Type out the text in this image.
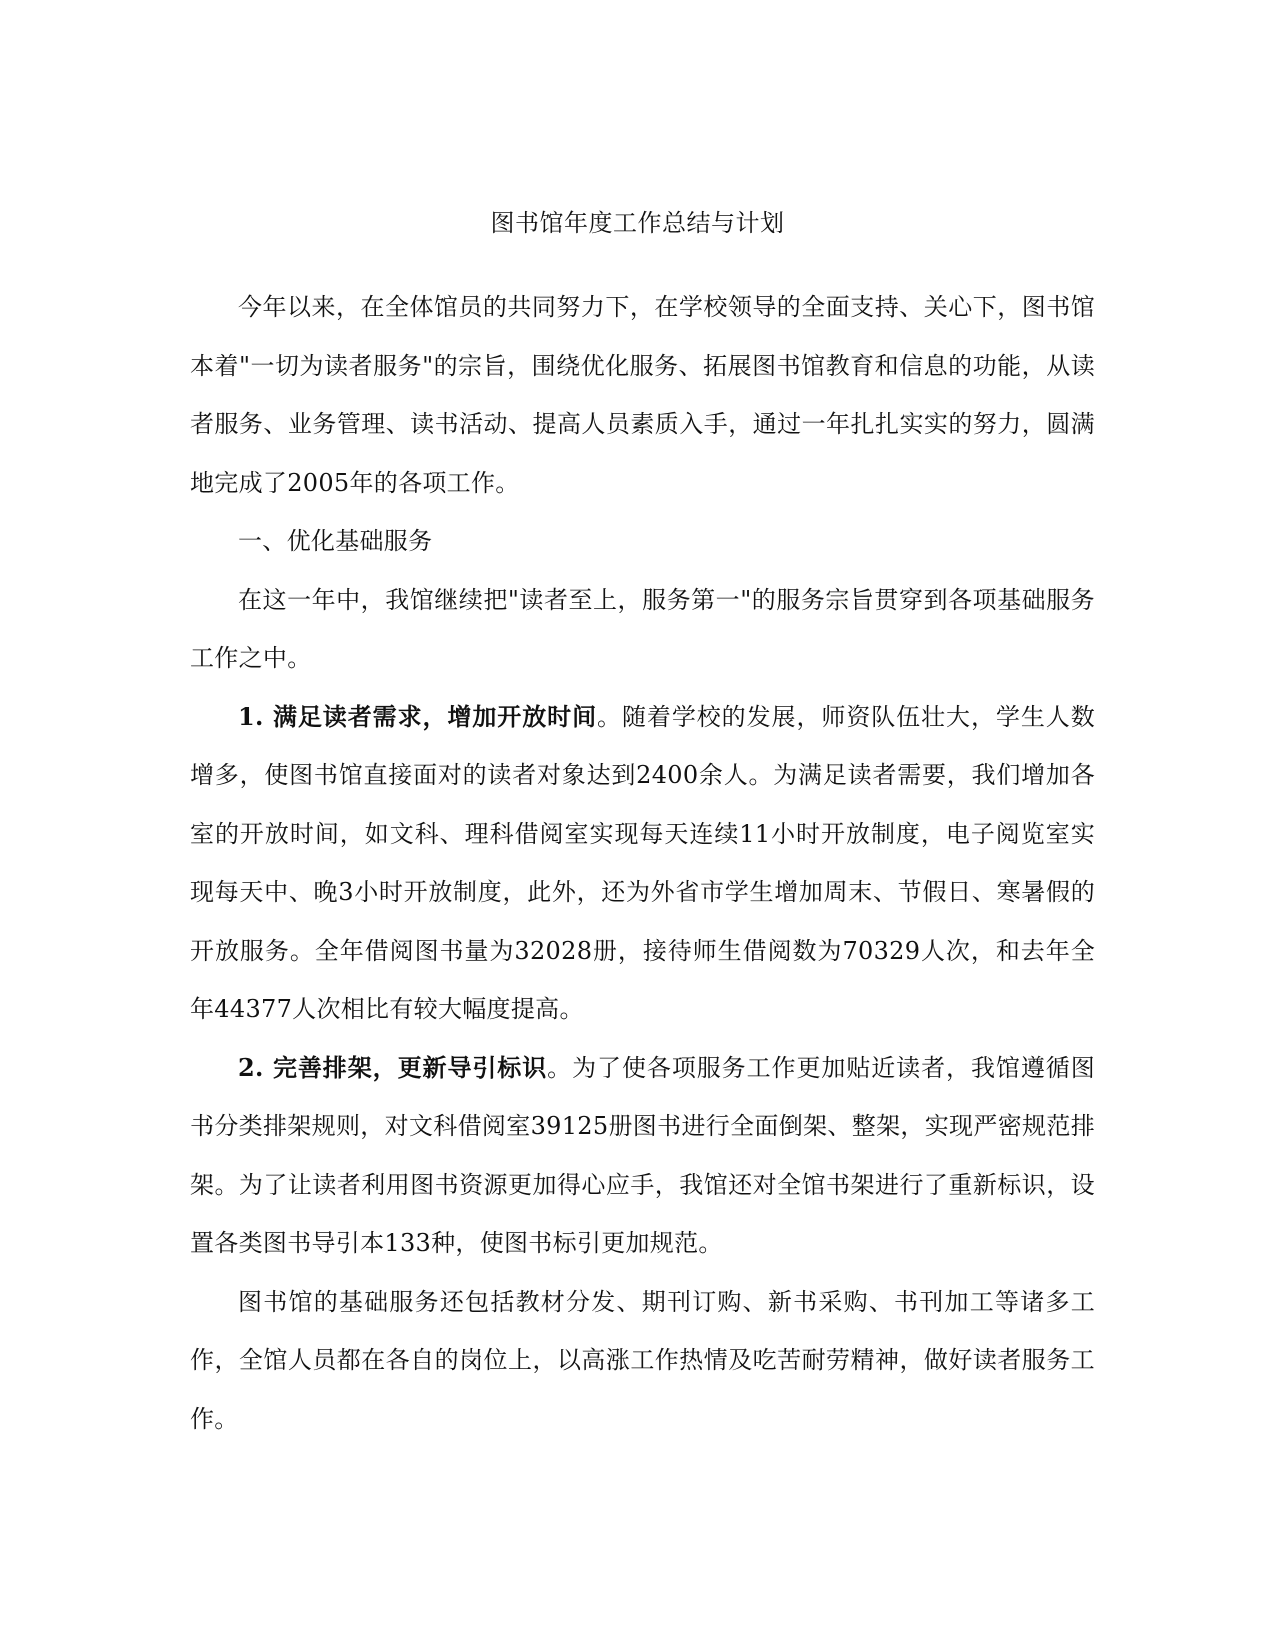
图书馆年度工作总结与计划

今年以来，在全体馆员的共同努力下，在学校领导的全面支持、关心下，图书馆本着"一切为读者服务"的宗旨，围绕优化服务、拓展图书馆教育和信息的功能，从读者服务、业务管理、读书活动、提高人员素质入手，通过一年扎扎实实的努力，圆满地完成了2005年的各项工作。

一、优化基础服务

在这一年中，我馆继续把"读者至上，服务第一"的服务宗旨贯穿到各项基础服务工作之中。

1. 满足读者需求，增加开放时间。随着学校的发展，师资队伍壮大，学生人数增多，使图书馆直接面对的读者对象达到2400余人。为满足读者需要，我们增加各室的开放时间，如文科、理科借阅室实现每天连续11小时开放制度，电子阅览室实现每天中、晚3小时开放制度，此外，还为外省市学生增加周末、节假日、寒暑假的开放服务。全年借阅图书量为32028册，接待师生借阅数为70329人次，和去年全年44377人次相比有较大幅度提高。

2. 完善排架，更新导引标识。为了使各项服务工作更加贴近读者，我馆遵循图书分类排架规则，对文科借阅室39125册图书进行全面倒架、整架，实现严密规范排架。为了让读者利用图书资源更加得心应手，我馆还对全馆书架进行了重新标识，设置各类图书导引本133种，使图书标引更加规范。

图书馆的基础服务还包括教材分发、期刊订购、新书采购、书刊加工等诸多工作，全馆人员都在各自的岗位上，以高涨工作热情及吃苦耐劳精神，做好读者服务工作。
